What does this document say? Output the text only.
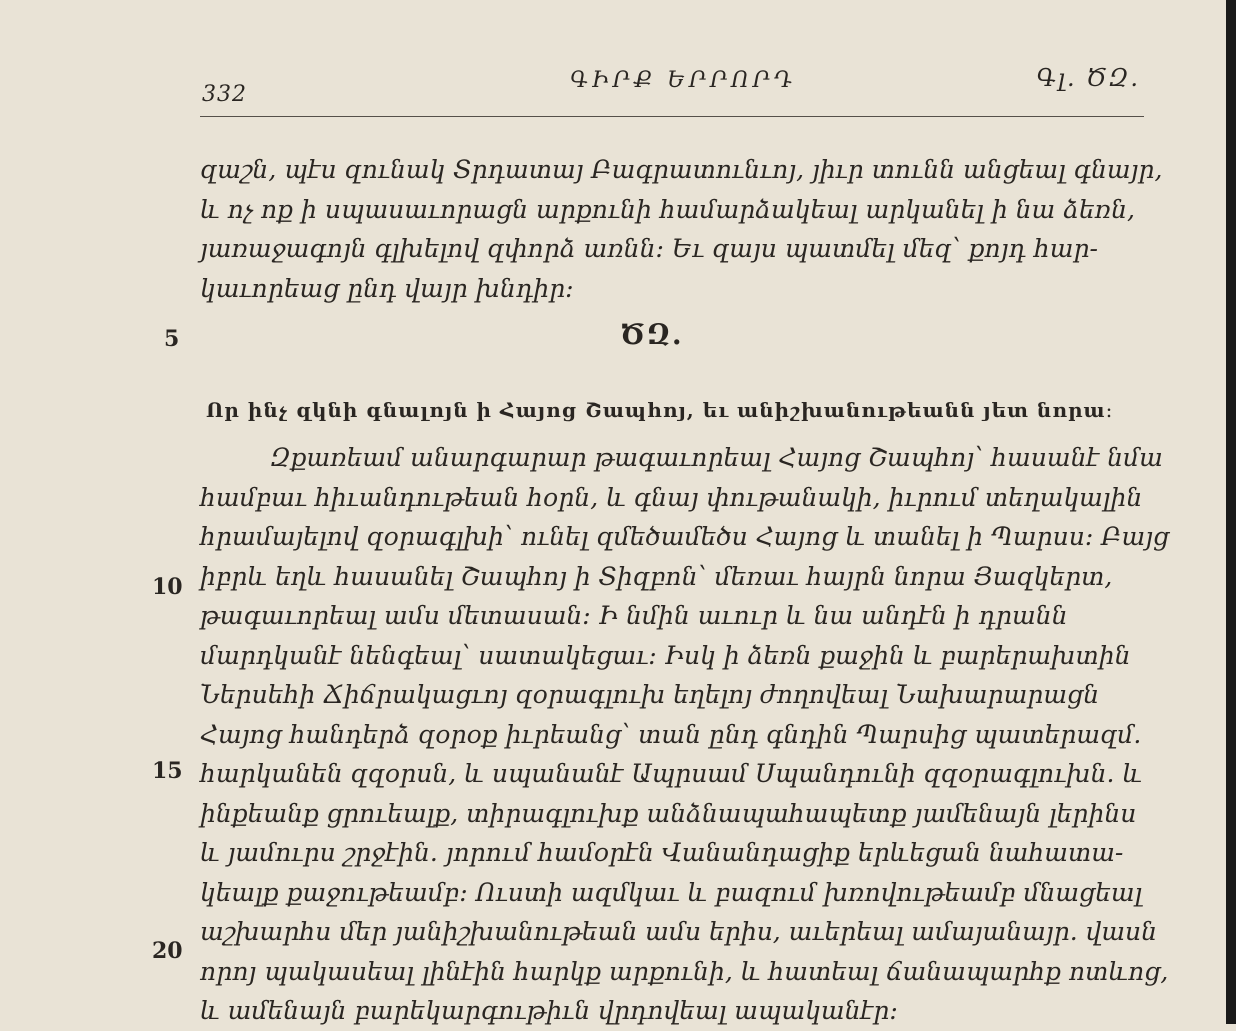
332
ԳԻՐՔ ԵՐՐՈՐԴ	Գլ. ԾԶ.
զաշն, պէս զունակ Տրդատայ Բագրատունւոյ, յիւր տունն անցեալ գնայր,
և ոչ ոք ի սպասաւորացն արքունի համարձակեալ արկանել ի նա ձեռն,
յառաջագոյն գլխելով զփորձ առնն։ Եւ զայս պատմել մեզ՝ քոյդ հար-
կաւորեաց ընդ վայր խնդիր։
5	ԾԶ.
Որ ինչ զկնի գնալոյն ի Հայոց Շապհոյ, եւ անիշխանութեանն յետ նորա։
Զքառեամ անարգարար թագաւորեալ Հայոց Շապհոյ՝ հասանէ նմա
համբաւ հիւանդութեան հօրն, և գնայ փութանակի, իւրում տեղակալին
հրամայելով զօրագլխի՝ ունել զմեծամեծս Հայոց և տանել ի Պարսս։ Բայց
իբրև եղև հասանել Շապհոյ ի Տիզբոն՝ մեռաւ հայրն նորա Յազկերտ,
թագաւորեալ ամս մետասան։ Ի նմին աւուր և նա անդէն ի դրանն
մարդկանէ նենգեալ՝ սատակեցաւ։ Իսկ ի ձեռն քաջին և բարերախտին
Ներսեհի Ճիճրակացւոյ զօրագլուխ եղելոյ ժողովեալ Նախարարացն
Հայոց հանդերձ զօրօք իւրեանց՝ տան ընդ գնդին Պարսից պատերազմ.
հարկանեն զզօրսն, և սպանանէ Ապրսամ Սպանդունի զզօրագլուխն. և
ինքեանք ցրուեալք, տիրագլուխք անձնապահապետք յամենայն լերինս
և յամուրս շրջէին. յորում համօրէն Վանանդացիք երևեցան նահատա-
կեալք քաջութեամբ։ Ուստի ազմկաւ և բազում խռովութեամբ մնացեալ
աշխարհս մեր յանիշխանութեան ամս երիս, աւերեալ ամայանայր. վասն
որոյ պակասեալ լինէին հարկք արքունի, և հատեալ ճանապարհք ոտևոց,
և ամենայն բարեկարգութիւն վրդովեալ ապականէր։
10
15
20
